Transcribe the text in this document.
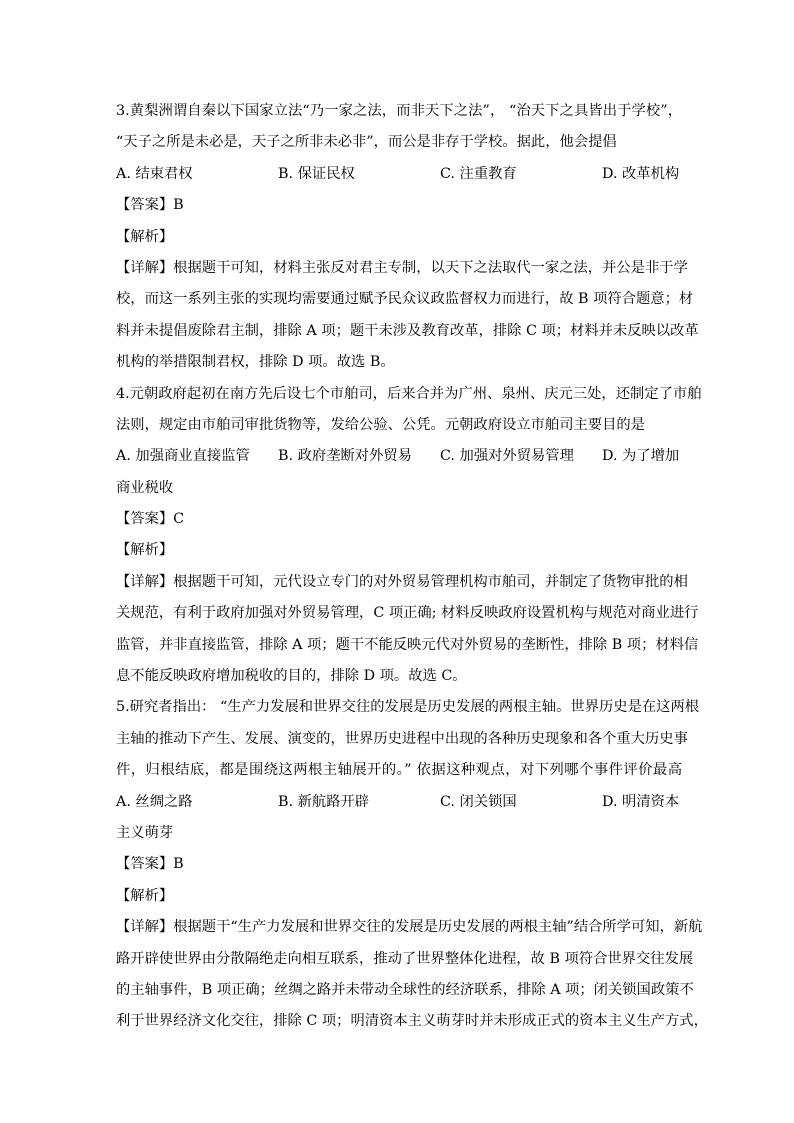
3.黄梨洲谓自秦以下国家立法“乃一家之法，而非天下之法”， “治天下之具皆出于学校”，
“天子之所是未必是，天子之所非未必非”，而公是非存于学校。据此，他会提倡
A. 结束君权	B. 保证民权	C. 注重教育	D. 改革机构
【答案】B
【解析】
【详解】根据题干可知，材料主张反对君主专制，以天下之法取代一家之法，并公是非于学
校，而这一系列主张的实现均需要通过赋予民众议政监督权力而进行，故 B 项符合题意；材
料并未提倡废除君主制，排除 A 项；题干未涉及教育改革，排除 C 项；材料并未反映以改革
机构的举措限制君权，排除 D 项。故选 B。
4.元朝政府起初在南方先后设七个市舶司，后来合并为广州、泉州、庆元三处，还制定了市舶
法则，规定由市舶司审批货物等，发给公验、公凭。元朝政府设立市舶司主要目的是
A. 加强商业直接监管	B. 政府垄断对外贸易	C. 加强对外贸易管理	D. 为了增加
商业税收
【答案】C
【解析】
【详解】根据题干可知，元代设立专门的对外贸易管理机构市舶司，并制定了货物审批的相
关规范，有利于政府加强对外贸易管理，C 项正确; 材料反映政府设置机构与规范对商业进行
监管，并非直接监管，排除 A 项；题干不能反映元代对外贸易的垄断性，排除 B 项；材料信
息不能反映政府增加税收的目的，排除 D 项。故选 C。
5.研究者指出： “生产力发展和世界交往的发展是历史发展的两根主轴。世界历史是在这两根
主轴的推动下产生、发展、演变的，世界历史进程中出现的各种历史现象和各个重大历史事
件，归根结底，都是围绕这两根主轴展开的。” 依据这种观点，对下列哪个事件评价最高
A. 丝绸之路	B. 新航路开辟	C. 闭关锁国	D. 明清资本
主义萌芽
【答案】B
【解析】
【详解】根据题干“生产力发展和世界交往的发展是历史发展的两根主轴”结合所学可知，新航
路开辟使世界由分散隔绝走向相互联系，推动了世界整体化进程，故 B 项符合世界交往发展
的主轴事件，B 项正确；丝绸之路并未带动全球性的经济联系，排除 A 项；闭关锁国政策不
利于世界经济文化交往，排除 C 项；明清资本主义萌芽时并未形成正式的资本主义生产方式，
